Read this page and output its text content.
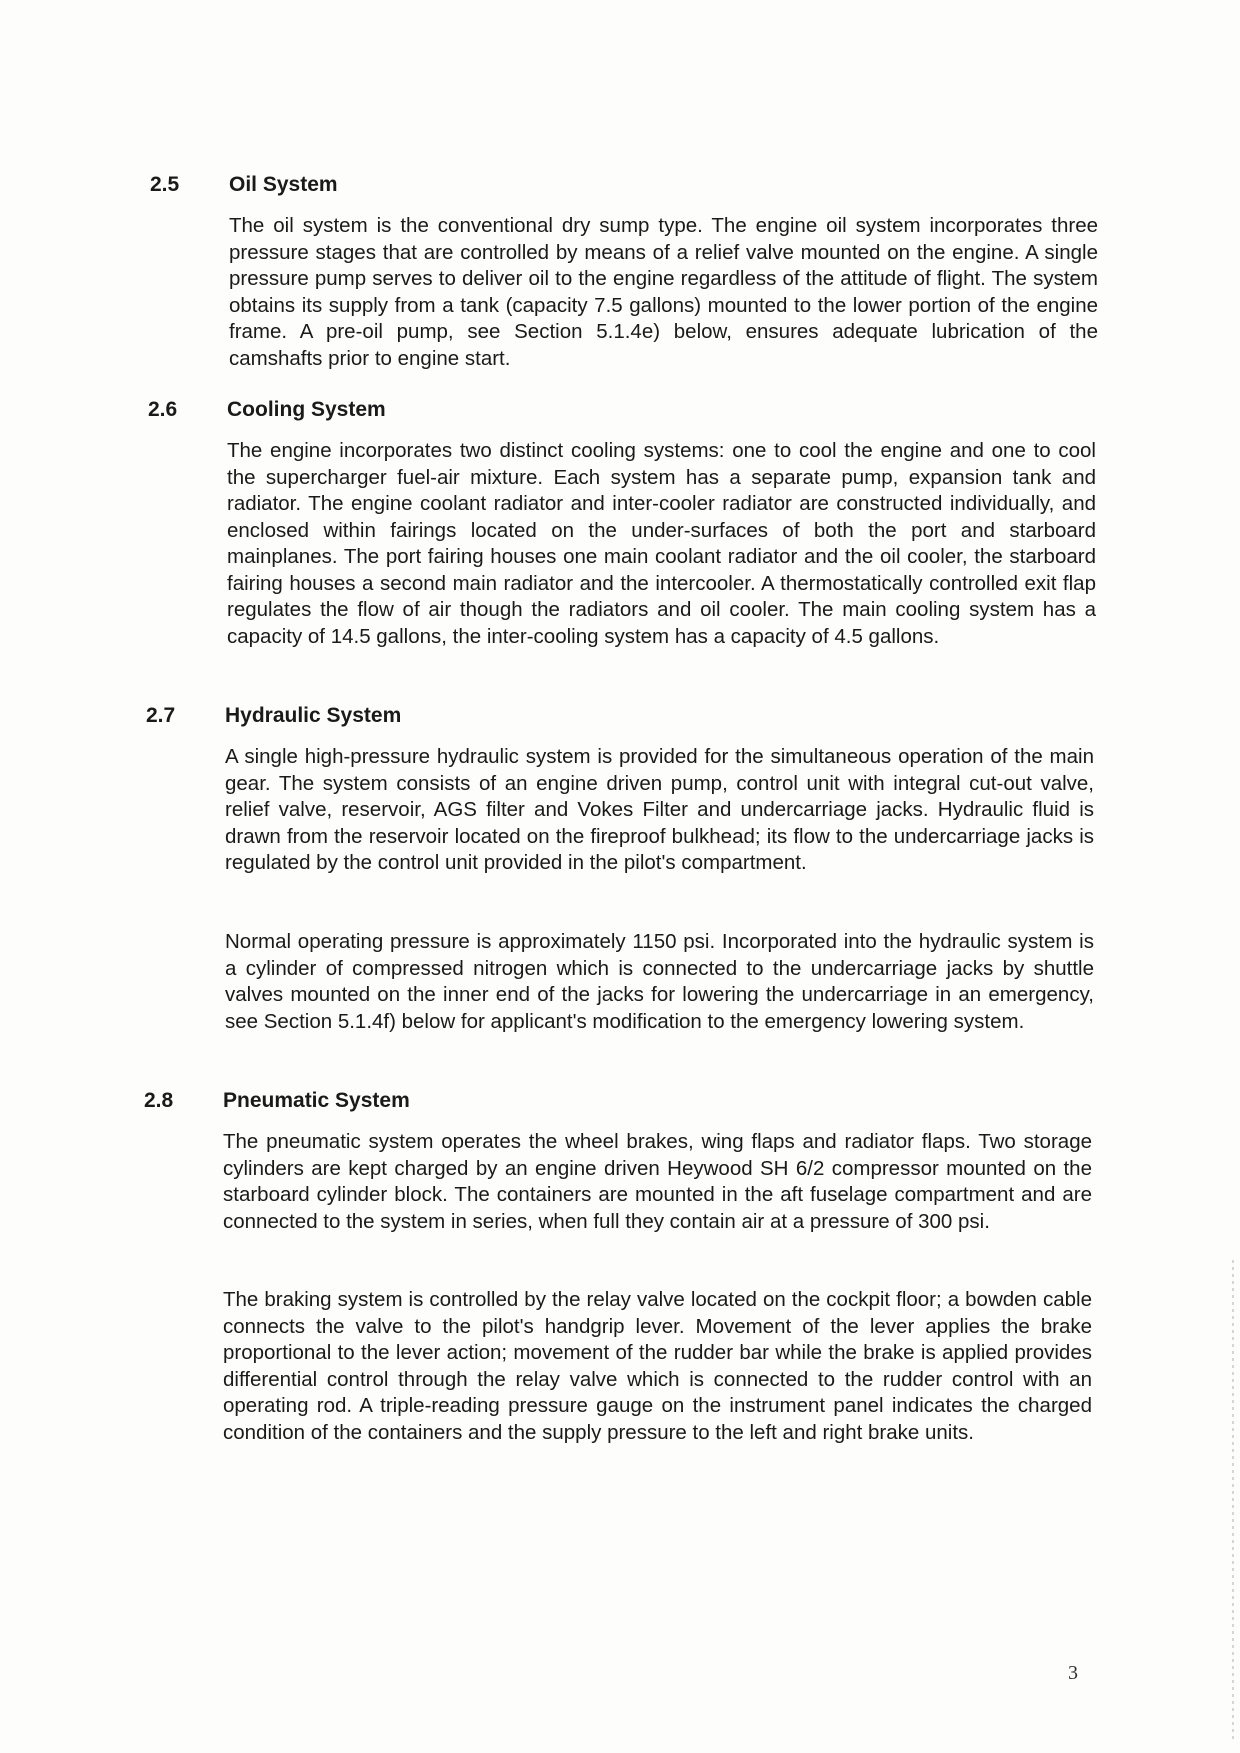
2.5 Oil System

The oil system is the conventional dry sump type. The engine oil system incorporates three pressure stages that are controlled by means of a relief valve mounted on the engine. A single pressure pump serves to deliver oil to the engine regardless of the attitude of flight. The system obtains its supply from a tank (capacity 7.5 gallons) mounted to the lower portion of the engine frame. A pre-oil pump, see Section 5.1.4e) below, ensures adequate lubrication of the camshafts prior to engine start.

2.6 Cooling System

The engine incorporates two distinct cooling systems: one to cool the engine and one to cool the supercharger fuel-air mixture. Each system has a separate pump, expansion tank and radiator. The engine coolant radiator and inter-cooler radiator are constructed individually, and enclosed within fairings located on the under-surfaces of both the port and starboard mainplanes. The port fairing houses one main coolant radiator and the oil cooler, the starboard fairing houses a second main radiator and the intercooler. A thermostatically controlled exit flap regulates the flow of air though the radiators and oil cooler. The main cooling system has a capacity of 14.5 gallons, the inter-cooling system has a capacity of 4.5 gallons.

2.7 Hydraulic System

A single high-pressure hydraulic system is provided for the simultaneous operation of the main gear. The system consists of an engine driven pump, control unit with integral cut-out valve, relief valve, reservoir, AGS filter and Vokes Filter and undercarriage jacks. Hydraulic fluid is drawn from the reservoir located on the fireproof bulkhead; its flow to the undercarriage jacks is regulated by the control unit provided in the pilot's compartment.

Normal operating pressure is approximately 1150 psi. Incorporated into the hydraulic system is a cylinder of compressed nitrogen which is connected to the undercarriage jacks by shuttle valves mounted on the inner end of the jacks for lowering the undercarriage in an emergency, see Section 5.1.4f) below for applicant's modification to the emergency lowering system.

2.8 Pneumatic System

The pneumatic system operates the wheel brakes, wing flaps and radiator flaps. Two storage cylinders are kept charged by an engine driven Heywood SH 6/2 compressor mounted on the starboard cylinder block. The containers are mounted in the aft fuselage compartment and are connected to the system in series, when full they contain air at a pressure of 300 psi.

The braking system is controlled by the relay valve located on the cockpit floor; a bowden cable connects the valve to the pilot's handgrip lever. Movement of the lever applies the brake proportional to the lever action; movement of the rudder bar while the brake is applied provides differential control through the relay valve which is connected to the rudder control with an operating rod. A triple-reading pressure gauge on the instrument panel indicates the charged condition of the containers and the supply pressure to the left and right brake units.

3
